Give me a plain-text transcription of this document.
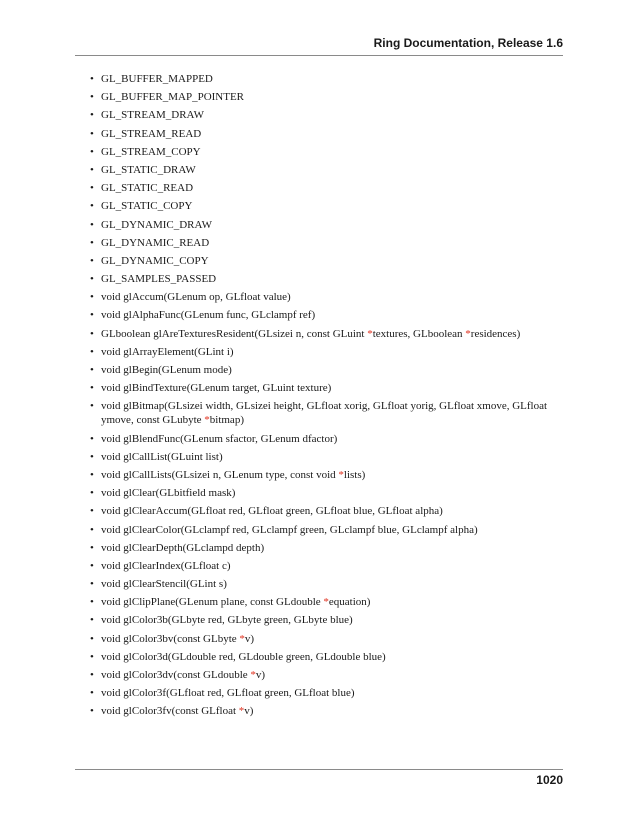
Ring Documentation, Release 1.6
• GL_BUFFER_MAPPED
• GL_BUFFER_MAP_POINTER
• GL_STREAM_DRAW
• GL_STREAM_READ
• GL_STREAM_COPY
• GL_STATIC_DRAW
• GL_STATIC_READ
• GL_STATIC_COPY
• GL_DYNAMIC_DRAW
• GL_DYNAMIC_READ
• GL_DYNAMIC_COPY
• GL_SAMPLES_PASSED
• void glAccum(GLenum op, GLfloat value)
• void glAlphaFunc(GLenum func, GLclampf ref)
• GLboolean glAreTexturesResident(GLsizei n, const GLuint *textures, GLboolean *residences)
• void glArrayElement(GLint i)
• void glBegin(GLenum mode)
• void glBindTexture(GLenum target, GLuint texture)
• void glBitmap(GLsizei width, GLsizei height, GLfloat xorig, GLfloat yorig, GLfloat xmove, GLfloat ymove, const GLubyte *bitmap)
• void glBlendFunc(GLenum sfactor, GLenum dfactor)
• void glCallList(GLuint list)
• void glCallLists(GLsizei n, GLenum type, const void *lists)
• void glClear(GLbitfield mask)
• void glClearAccum(GLfloat red, GLfloat green, GLfloat blue, GLfloat alpha)
• void glClearColor(GLclampf red, GLclampf green, GLclampf blue, GLclampf alpha)
• void glClearDepth(GLclampd depth)
• void glClearIndex(GLfloat c)
• void glClearStencil(GLint s)
• void glClipPlane(GLenum plane, const GLdouble *equation)
• void glColor3b(GLbyte red, GLbyte green, GLbyte blue)
• void glColor3bv(const GLbyte *v)
• void glColor3d(GLdouble red, GLdouble green, GLdouble blue)
• void glColor3dv(const GLdouble *v)
• void glColor3f(GLfloat red, GLfloat green, GLfloat blue)
• void glColor3fv(const GLfloat *v)
1020
